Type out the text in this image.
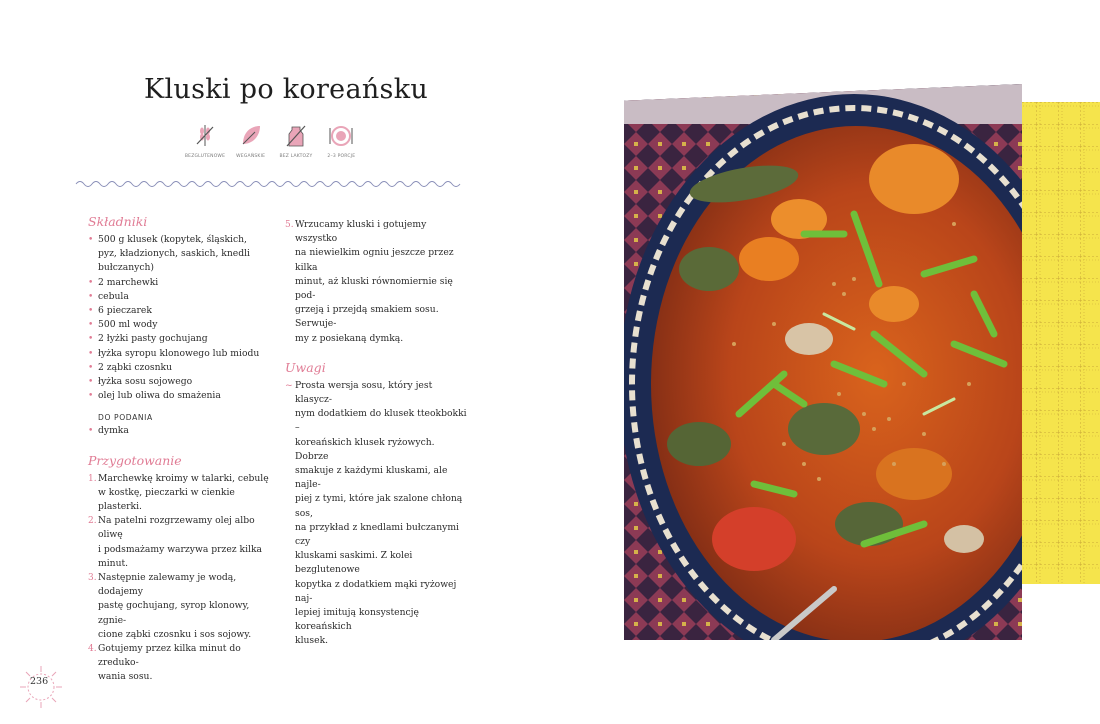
Kluski po koreańsku
BEZGLUTENOWE WEGAŃSKIE	BEZ LAKTOZY	2–3 PORCJE
Składniki
• 500 g klusek (kopytek, śląskich,
pyz, kładzionych, saskich, knedli
bułczanych)
• 2 marchewki
• cebula
• 6 pieczarek
• 500 ml wody
• 2 łyżki pasty gochujang
• łyżka syropu klonowego lub miodu
• 2 ząbki czosnku
• łyżka sosu sojowego
• olej lub oliwa do smażenia
DO PODANIA
• dymka
Przygotowanie
1. Marchewkę kroimy w talarki, cebulę
w kostkę, pieczarki w cienkie plasterki.
2. Na patelni rozgrzewamy olej albo oliwę
i podsmażamy warzywa przez kilka
minut.
3. Następnie zalewamy je wodą, dodajemy
pastę gochujang, syrop klonowy, zgnie-
cione ząbki czosnku i sos sojowy.
4. Gotujemy przez kilka minut do zreduko-
wania sosu.
5. Wrzucamy kluski i gotujemy wszystko
na niewielkim ogniu jeszcze przez kilka
minut, aż kluski równomiernie się pod-
grzeją i przejdą smakiem sosu. Serwuje-
my z posiekaną dymką.
Uwagi
~ Prosta wersja sosu, który jest klasycz-
nym dodatkiem do klusek tteokbokki –
koreańskich klusek ryżowych. Dobrze
smakuje z każdymi kluskami, ale najle-
piej z tymi, które jak szalone chłoną sos,
na przykład z knedlami bułczanymi czy
kluskami saskimi. Z kolei bezglutenowe
kopytka z dodatkiem mąki ryżowej naj-
lepiej imitują konsystencję koreańskich
klusek.
236
